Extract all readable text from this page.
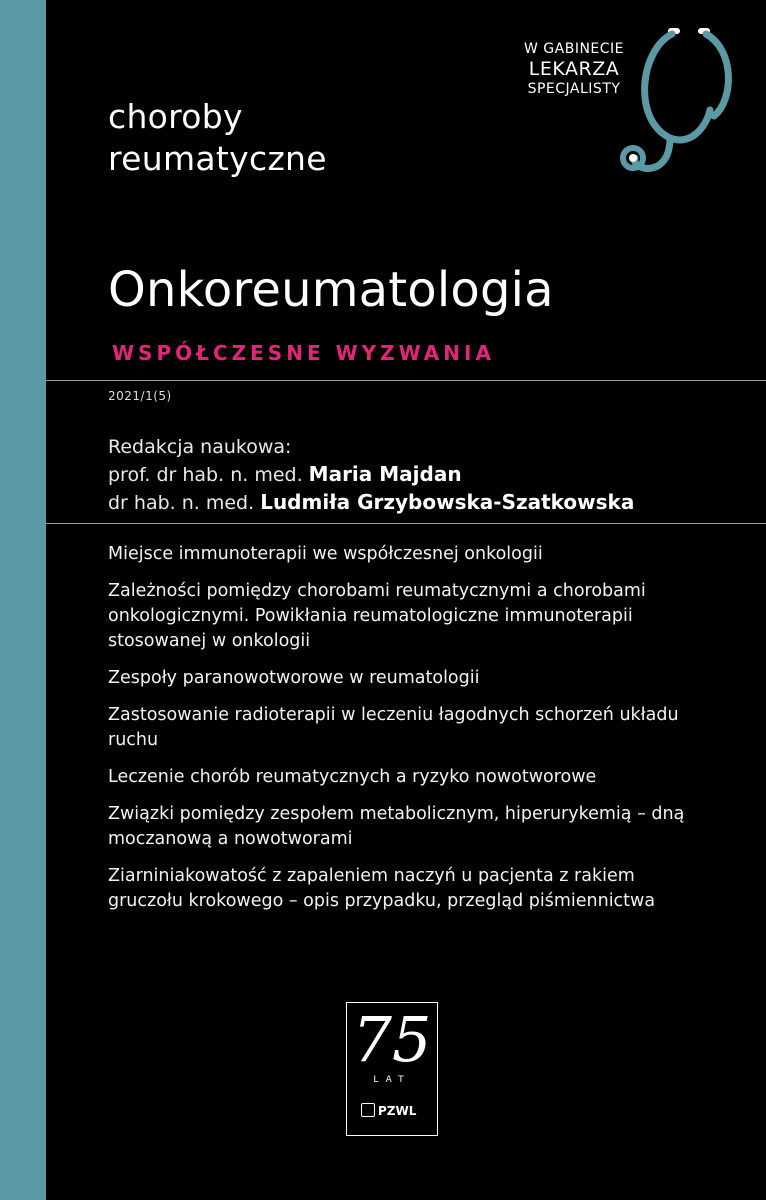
W GABINECIE
LEKARZA
SPECJALISTY
choroby
reumatyczne
Onkoreumatologia
WSPÓŁCZESNE WYZWANIA
2021/1(5)
Redakcja naukowa:
prof. dr hab. n. med. Maria Majdan
dr hab. n. med. Ludmiła Grzybowska-Szatkowska
Miejsce immunoterapii we współczesnej onkologii
Zależności pomiędzy chorobami reumatycznymi a chorobami onkologicznymi. Powikłania reumatologiczne immunoterapii stosowanej w onkologii
Zespoły paranowotworowe w reumatologii
Zastosowanie radioterapii w leczeniu łagodnych schorzeń układu ruchu
Leczenie chorób reumatycznych a ryzyko nowotworowe
Związki pomiędzy zespołem metabolicznym, hiperurykemią – dną moczanową a nowotworami
Ziarniniakowatość z zapaleniem naczyń u pacjenta z rakiem gruczołu krokowego – opis przypadku, przegląd piśmiennictwa
75
LAT
PZWL
